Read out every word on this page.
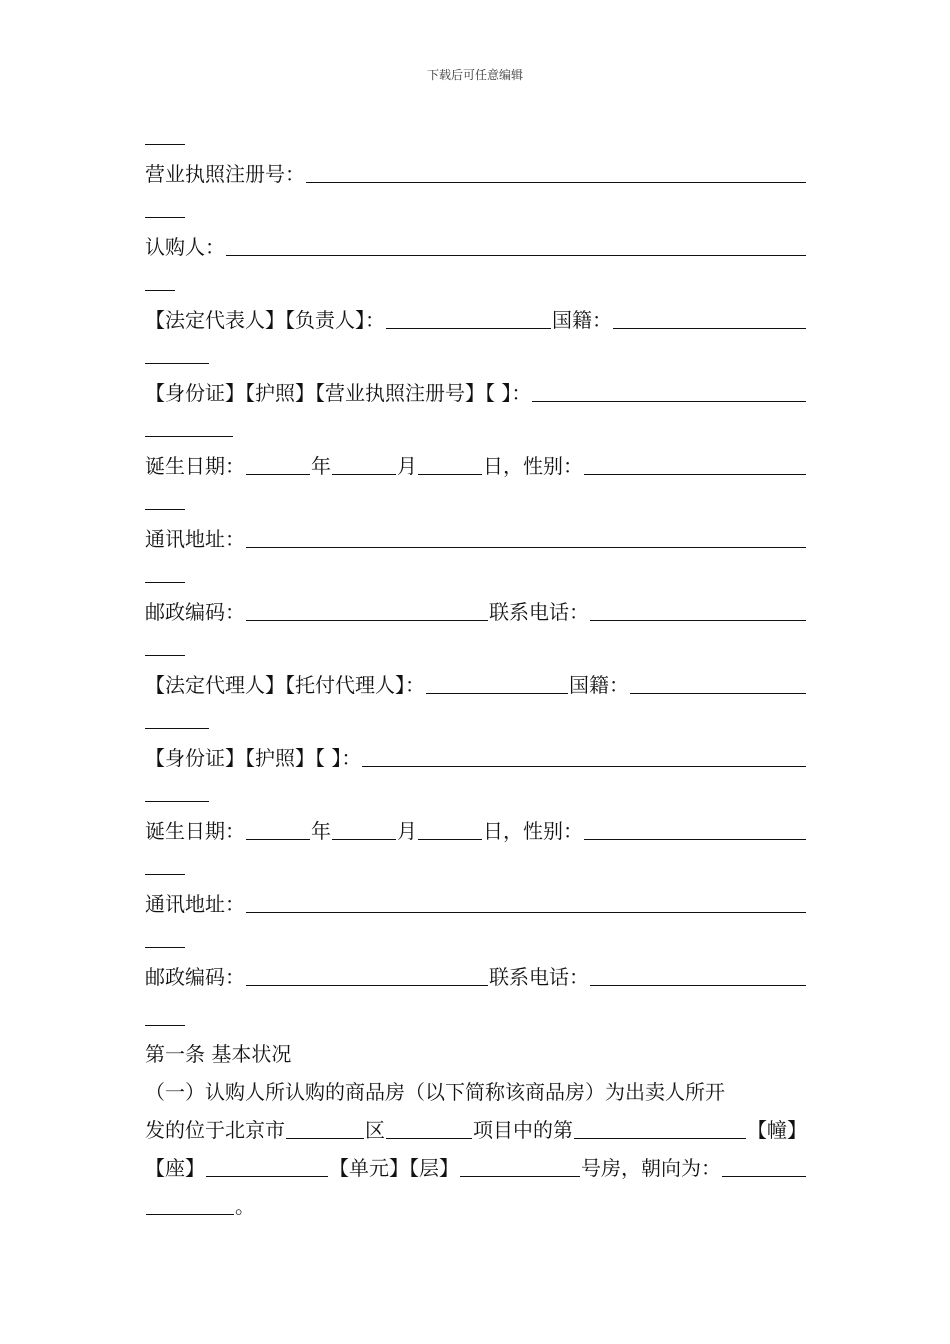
下载后可任意编辑
营业执照注册号：
认购人：
【法定代表人】【负责人】：	国籍：
【身份证】【护照】【营业执照注册号】【 】：
诞生日期：	年	月	日，性别：
通讯地址：
邮政编码：	联系电话：
【法定代理人】【托付代理人】：	国籍：
【身份证】【护照】【 】：
诞生日期：	年	月	日，性别：
通讯地址：
邮政编码：	联系电话：
第一条 基本状况
（一）认购人所认购的商品房（以下简称该商品房）为出卖人所开
发的位于北京市	区	项目中的第	【幢】
【座】	【单元】【层】	号房，朝向为：
。
